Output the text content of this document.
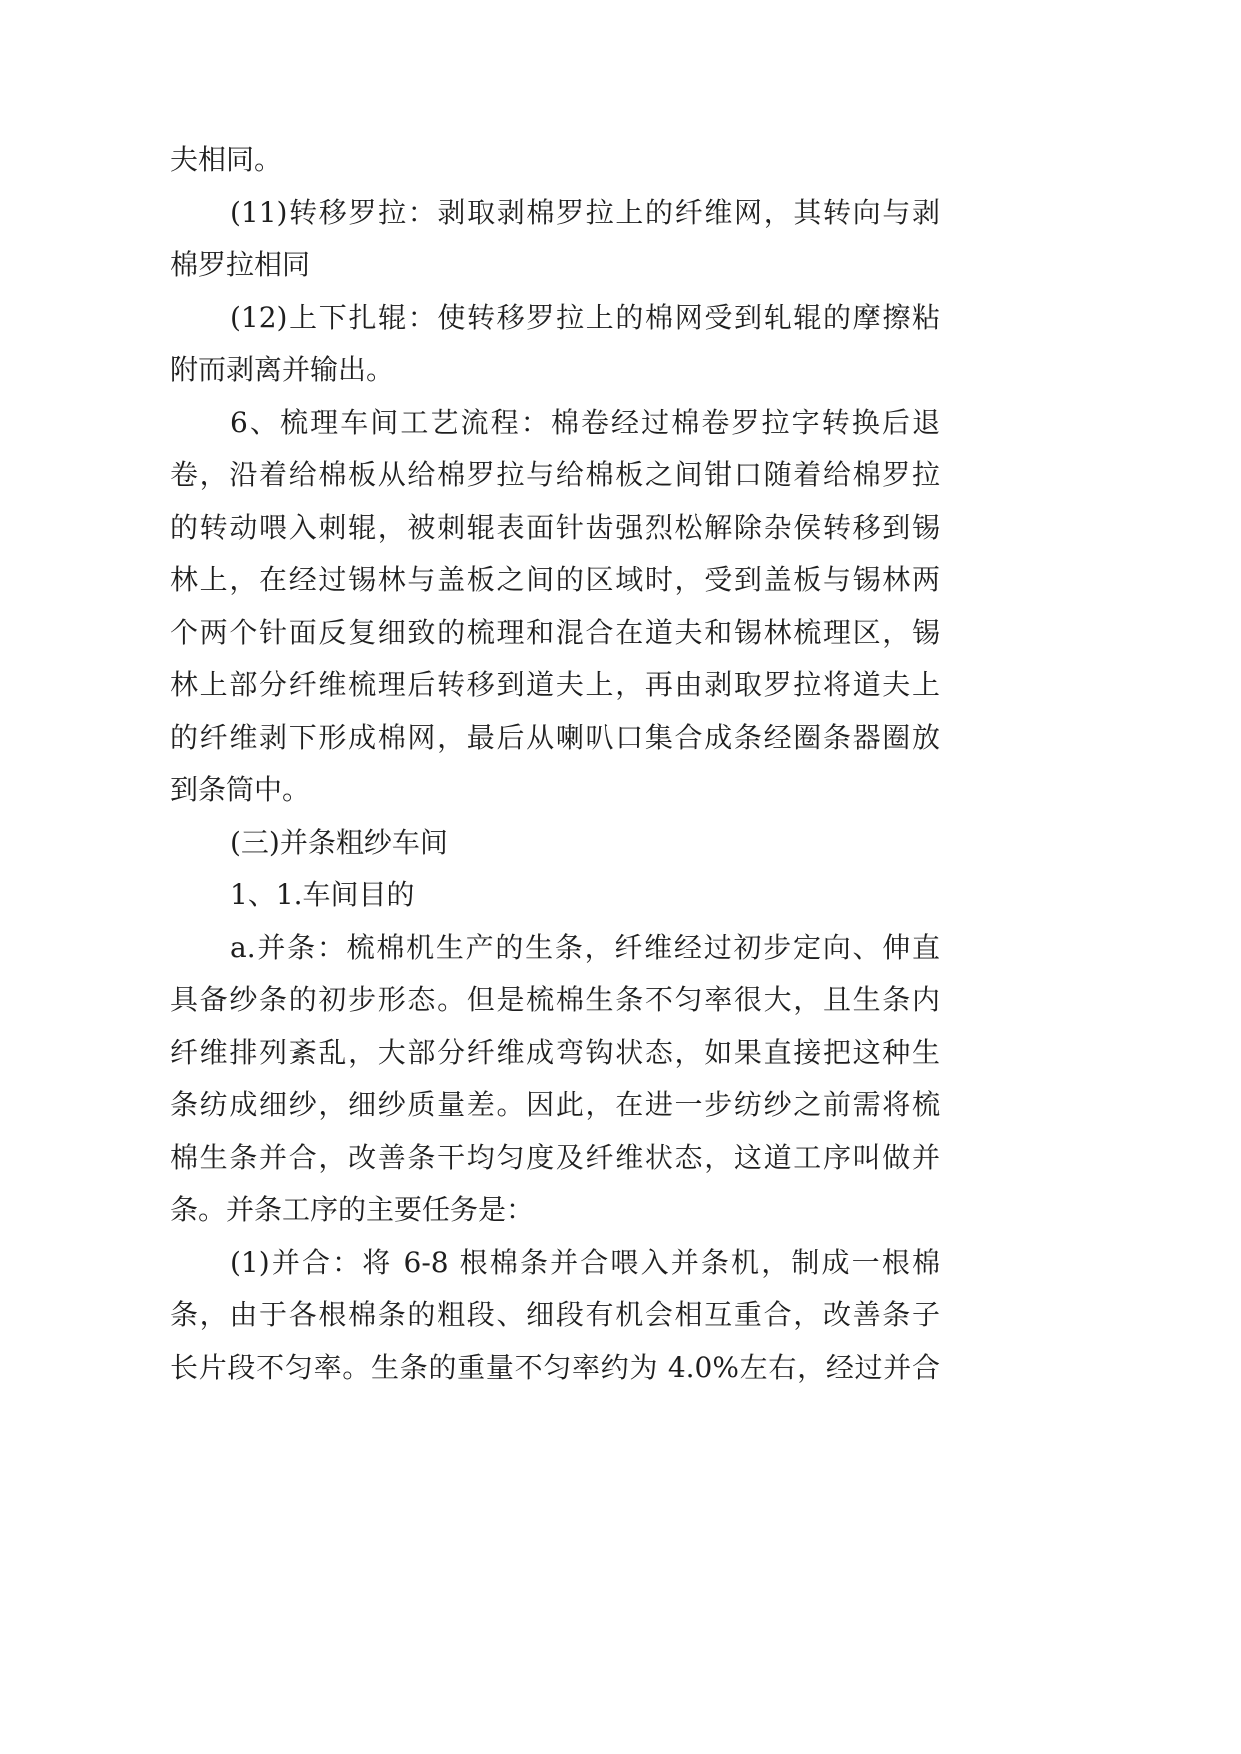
夫相同。
(11)转移罗拉：剥取剥棉罗拉上的纤维网，其转向与剥
棉罗拉相同
(12)上下扎辊：使转移罗拉上的棉网受到轧辊的摩擦粘
附而剥离并输出。
6、梳理车间工艺流程：棉卷经过棉卷罗拉字转换后退
卷，沿着给棉板从给棉罗拉与给棉板之间钳口随着给棉罗拉
的转动喂入刺辊，被刺辊表面针齿强烈松解除杂侯转移到锡
林上，在经过锡林与盖板之间的区域时，受到盖板与锡林两
个两个针面反复细致的梳理和混合在道夫和锡林梳理区，锡
林上部分纤维梳理后转移到道夫上，再由剥取罗拉将道夫上
的纤维剥下形成棉网，最后从喇叭口集合成条经圈条器圈放
到条筒中。
(三)并条粗纱车间
1、1.车间目的
a.并条：梳棉机生产的生条，纤维经过初步定向、伸直
具备纱条的初步形态。但是梳棉生条不匀率很大，且生条内
纤维排列紊乱，大部分纤维成弯钩状态，如果直接把这种生
条纺成细纱，细纱质量差。因此，在进一步纺纱之前需将梳
棉生条并合，改善条干均匀度及纤维状态，这道工序叫做并
条。并条工序的主要任务是：
(1)并合：将 6-8 根棉条并合喂入并条机，制成一根棉
条，由于各根棉条的粗段、细段有机会相互重合，改善条子
长片段不匀率。生条的重量不匀率约为 4.0%左右，经过并合
